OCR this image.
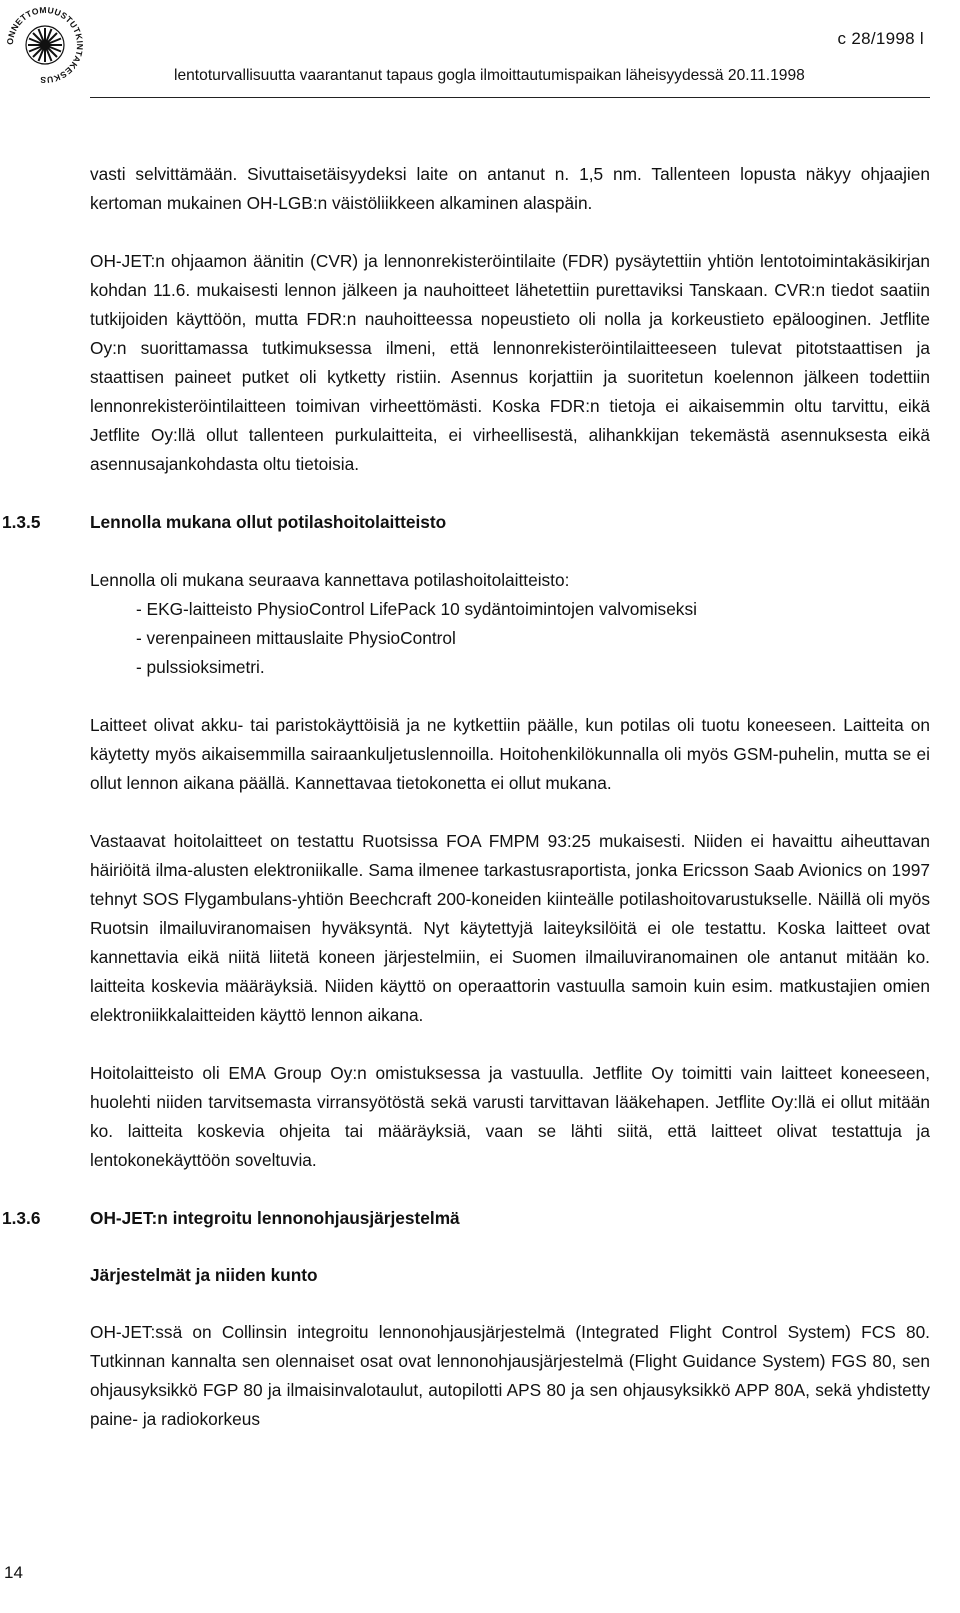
ONNETTOMUUSTUTKINTAKESKUS
c 28/1998 l
lentoturvallisuutta vaarantanut tapaus gogla ilmoittautumispaikan läheisyydessä 20.11.1998

vasti selvittämään. Sivuttaisetäisyydeksi laite on antanut n. 1,5 nm. Tallenteen lopusta näkyy ohjaajien kertoman mukainen OH-LGB:n väistöliikkeen alkaminen alaspäin.

OH-JET:n ohjaamon äänitin (CVR) ja lennonrekisteröintilaite (FDR) pysäytettiin yhtiön lentotoimintakäsikirjan kohdan 11.6. mukaisesti lennon jälkeen ja nauhoitteet lähetettiin purettaviksi Tanskaan. CVR:n tiedot saatiin tutkijoiden käyttöön, mutta FDR:n nauhoitteessa nopeustieto oli nolla ja korkeustieto epälooginen. Jetflite Oy:n suorittamassa tutkimuksessa ilmeni, että lennonrekisteröintilaitteeseen tulevat pitotstaattisen ja staattisen paineet putket oli kytketty ristiin. Asennus korjattiin ja suoritetun koelennon jälkeen todettiin lennonrekisteröintilaitteen toimivan virheettömästi. Koska FDR:n tietoja ei aikaisemmin oltu tarvittu, eikä Jetflite Oy:llä ollut tallenteen purkulaitteita, ei virheellisestä, alihankkijan tekemästä asennuksesta eikä asennusajankohdasta oltu tietoisia.

1.3.5	Lennolla mukana ollut potilashoitolaitteisto

Lennolla oli mukana seuraava kannettava potilashoitolaitteisto:

- EKG-laitteisto PhysioControl LifePack 10 sydäntoimintojen valvomiseksi
- verenpaineen mittauslaite PhysioControl
- pulssioksimetri.

Laitteet olivat akku- tai paristokäyttöisiä ja ne kytkettiin päälle, kun potilas oli tuotu koneeseen. Laitteita on käytetty myös aikaisemmilla sairaankuljetuslennoilla. Hoitohenkilökunnalla oli myös GSM-puhelin, mutta se ei ollut lennon aikana päällä. Kannettavaa tietokonetta ei ollut mukana.

Vastaavat hoitolaitteet on testattu Ruotsissa FOA FMPM 93:25 mukaisesti. Niiden ei havaittu aiheuttavan häiriöitä ilma-alusten elektroniikalle. Sama ilmenee tarkastusraportista, jonka Ericsson Saab Avionics on 1997 tehnyt SOS Flygambulans-yhtiön Beechcraft 200-koneiden kiinteälle potilashoitovarustukselle. Näillä oli myös Ruotsin ilmailuviranomaisen hyväksyntä. Nyt käytettyjä laiteyksilöitä ei ole testattu. Koska laitteet ovat kannettavia eikä niitä liitetä koneen järjestelmiin, ei Suomen ilmailuviranomainen ole antanut mitään ko. laitteita koskevia määräyksiä. Niiden käyttö on operaattorin vastuulla samoin kuin esim. matkustajien omien elektroniikkalaitteiden käyttö lennon aikana.

Hoitolaitteisto oli EMA Group Oy:n omistuksessa ja vastuulla. Jetflite Oy toimitti vain laitteet koneeseen, huolehti niiden tarvitsemasta virransyötöstä sekä varusti tarvittavan lääkehapen. Jetflite Oy:llä ei ollut mitään ko. laitteita koskevia ohjeita tai määräyksiä, vaan se lähti siitä, että laitteet olivat testattuja ja lentokonekäyttöön soveltuvia.

1.3.6	OH-JET:n integroitu lennonohjausjärjestelmä
Järjestelmät ja niiden kunto

OH-JET:ssä on Collinsin integroitu lennonohjausjärjestelmä (Integrated Flight Control System) FCS 80. Tutkinnan kannalta sen olennaiset osat ovat lennonohjausjärjestelmä (Flight Guidance System) FGS 80, sen ohjausyksikkö FGP 80 ja ilmaisinvalotaulut, autopilotti APS 80 ja sen ohjausyksikkö APP 80A, sekä yhdistetty paine- ja radiokorkeus

14
